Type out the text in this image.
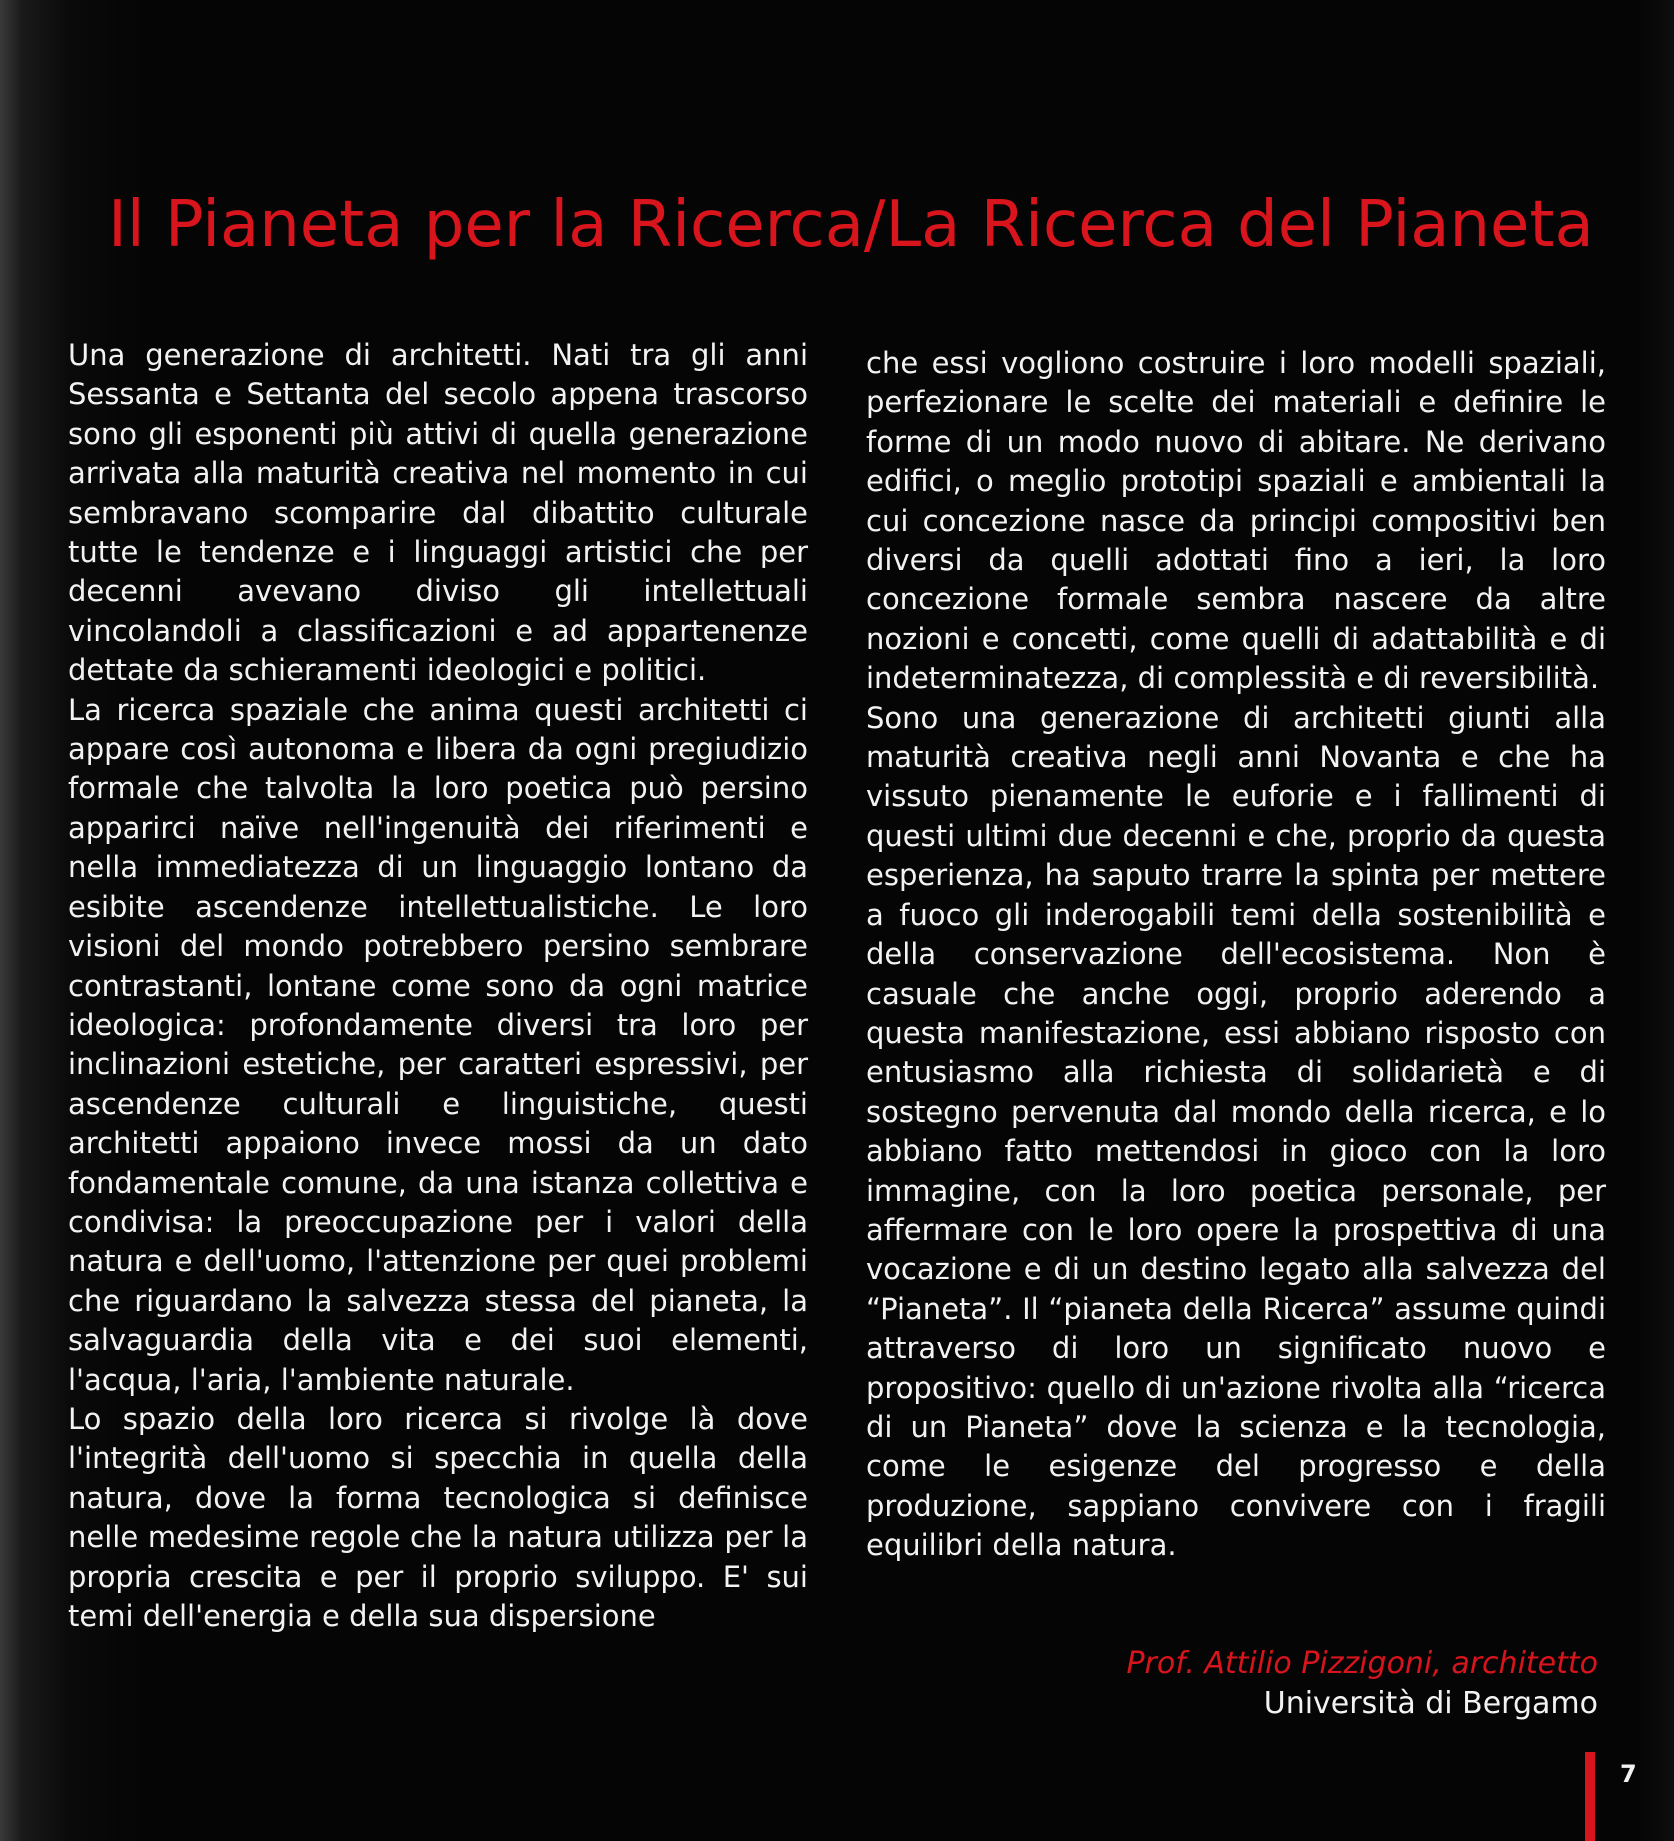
Il Pianeta per la Ricerca/La Ricerca del Pianeta

Una generazione di architetti. Nati tra gli anni Sessanta e Settanta del secolo appena trascorso sono gli esponenti più attivi di quella generazione arrivata alla maturità creativa nel momento in cui sembravano scomparire dal dibattito culturale tutte le tendenze e i linguaggi artistici che per decenni avevano diviso gli intellettuali vincolandoli a classificazioni e ad appartenenze dettate da schieramenti ideologici e politici.

La ricerca spaziale che anima questi architetti ci appare così autonoma e libera da ogni pregiudizio formale che talvolta la loro poetica può persino apparirci naïve nell'ingenuità dei riferimenti e nella immediatezza di un linguaggio lontano da esibite ascendenze intellettualistiche. Le loro visioni del mondo potrebbero persino sembrare contrastanti, lontane come sono da ogni matrice ideologica: profondamente diversi tra loro per inclinazioni estetiche, per caratteri espressivi, per ascendenze culturali e linguistiche, questi architetti appaiono invece mossi da un dato fondamentale comune, da una istanza collettiva e condivisa: la preoccupazione per i valori della natura e dell'uomo, l'attenzione per quei problemi che riguardano la salvezza stessa del pianeta, la salvaguardia della vita e dei suoi elementi, l'acqua, l'aria, l'ambiente naturale.

Lo spazio della loro ricerca si rivolge là dove l'integrità dell'uomo si specchia in quella della natura, dove la forma tecnologica si definisce nelle medesime regole che la natura utilizza per la propria crescita e per il proprio sviluppo. E' sui temi dell'energia e della sua dispersione

che essi vogliono costruire i loro modelli spaziali, perfezionare le scelte dei materiali e definire le forme di un modo nuovo di abitare. Ne derivano edifici, o meglio prototipi spaziali e ambientali la cui concezione nasce da principi compositivi ben diversi da quelli adottati fino a ieri, la loro concezione formale sembra nascere da altre nozioni e concetti, come quelli di adattabilità e di indeterminatezza, di complessità e di reversibilità.

Sono una generazione di architetti giunti alla maturità creativa negli anni Novanta e che ha vissuto pienamente le euforie e i fallimenti di questi ultimi due decenni e che, proprio da questa esperienza, ha saputo trarre la spinta per mettere a fuoco gli inderogabili temi della sostenibilità e della conservazione dell'ecosistema. Non è casuale che anche oggi, proprio aderendo a questa manifestazione, essi abbiano risposto con entusiasmo alla richiesta di solidarietà e di sostegno pervenuta dal mondo della ricerca, e lo abbiano fatto mettendosi in gioco con la loro immagine, con la loro poetica personale, per affermare con le loro opere la prospettiva di una vocazione e di un destino legato alla salvezza del “Pianeta”. Il “pianeta della Ricerca” assume quindi attraverso di loro un significato nuovo e propositivo: quello di un'azione rivolta alla “ricerca di un Pianeta” dove la scienza e la tecnologia, come le esigenze del progresso e della produzione, sappiano convivere con i fragili equilibri della natura.

Prof. Attilio Pizzigoni, architetto
Università di Bergamo
7
